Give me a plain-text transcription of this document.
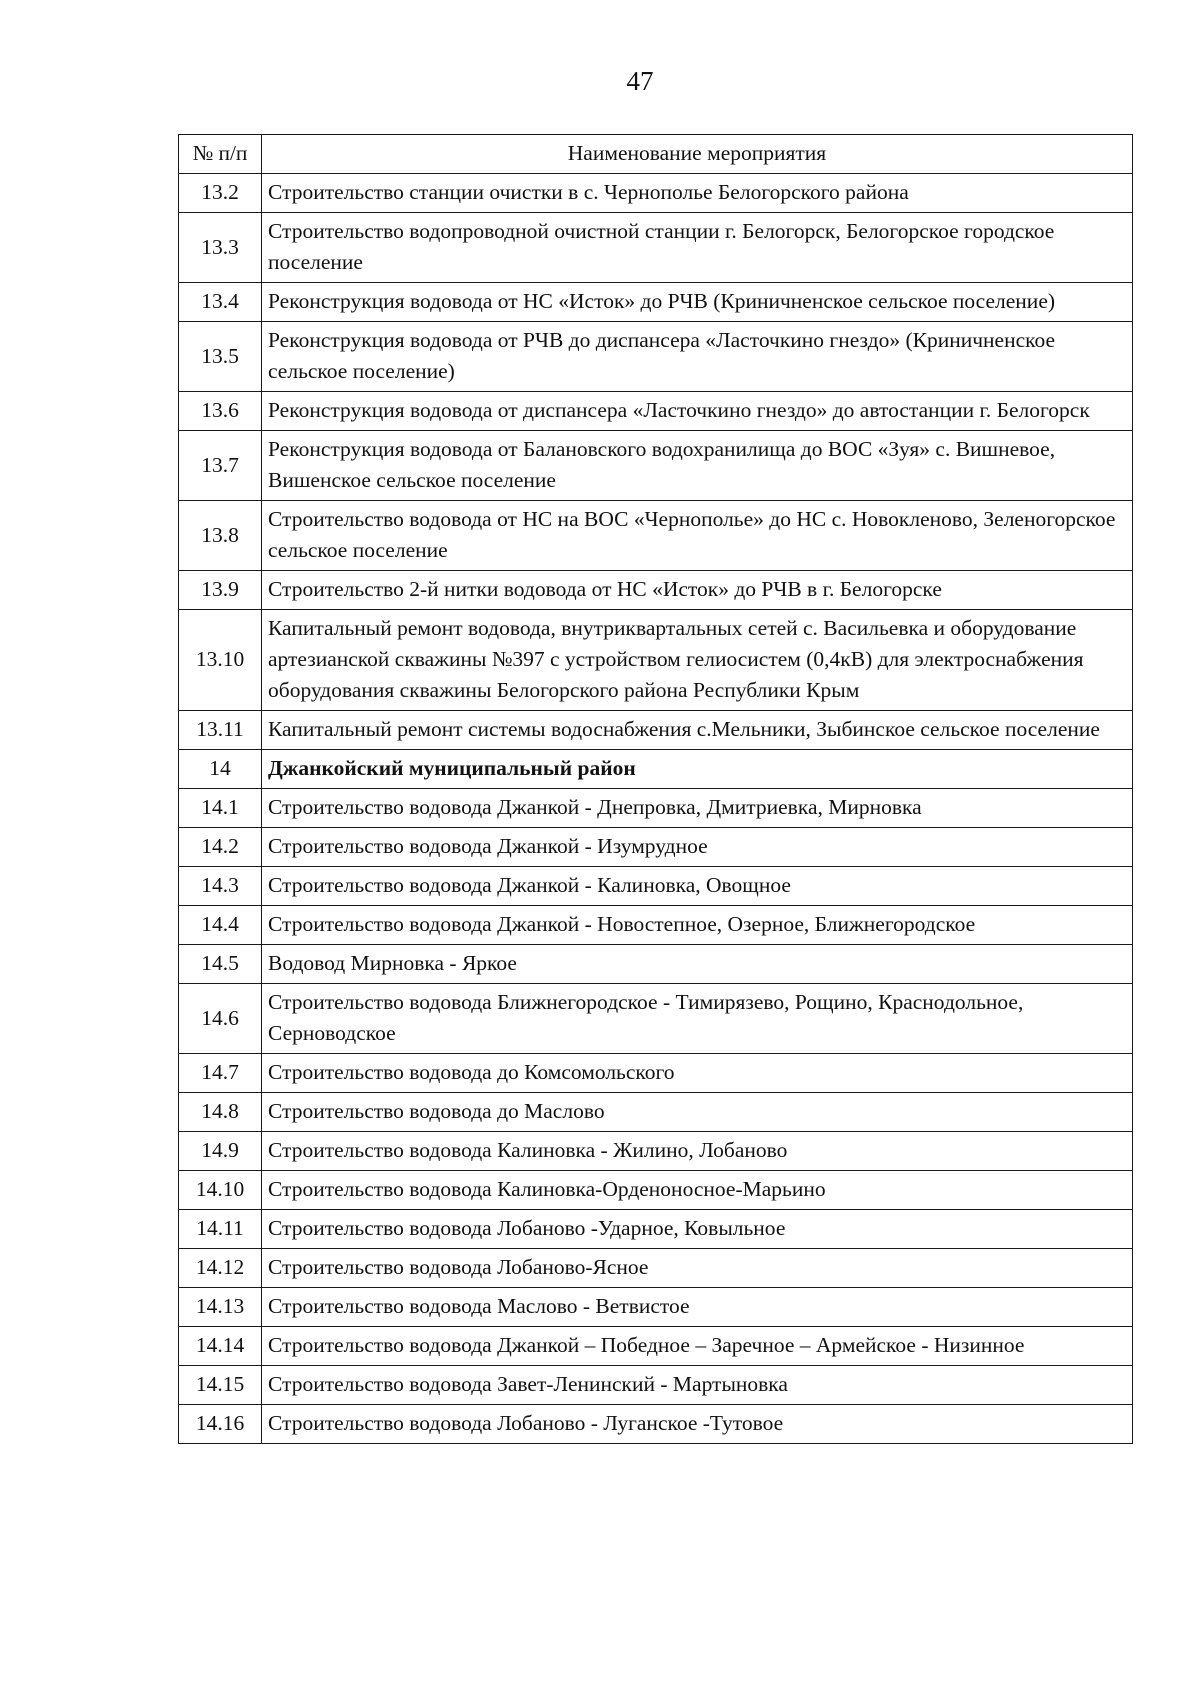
47
№ п/п	Наименование мероприятия
13.2	Строительство станции очистки в с. Чернополье Белогорского района
13.3	Строительство водопроводной очистной станции г. Белогорск, Белогорское городское поселение
13.4	Реконструкция водовода от НС «Исток» до РЧВ (Криничненское сельское поселение)
13.5	Реконструкция водовода от РЧВ до диспансера «Ласточкино гнездо» (Криничненское сельское поселение)
13.6	Реконструкция водовода от диспансера «Ласточкино гнездо» до автостанции г. Белогорск
13.7	Реконструкция водовода от Балановского водохранилища до ВОС «Зуя» с. Вишневое, Вишенское сельское поселение
13.8	Строительство водовода от НС на ВОС «Чернополье» до НС с. Новокленово, Зеленогорское сельское поселение
13.9	Строительство 2-й нитки водовода от НС «Исток» до РЧВ в г. Белогорске
13.10	Капитальный ремонт водовода, внутриквартальных сетей с. Васильевка и оборудование артезианской скважины №397 с устройством гелиосистем (0,4кВ) для электроснабжения оборудования скважины Белогорского района Республики Крым
13.11	Капитальный ремонт системы водоснабжения с.Мельники, Зыбинское сельское поселение
14	Джанкойский муниципальный район
14.1	Строительство водовода Джанкой - Днепровка, Дмитриевка, Мирновка
14.2	Строительство водовода Джанкой - Изумрудное
14.3	Строительство водовода Джанкой - Калиновка, Овощное
14.4	Строительство водовода Джанкой - Новостепное, Озерное, Ближнегородское
14.5	Водовод Мирновка - Яркое
14.6	Строительство водовода Ближнегородское - Тимирязево, Рощино, Краснодольное, Серноводское
14.7	Строительство водовода до Комсомольского
14.8	Строительство водовода до Маслово
14.9	Строительство водовода Калиновка - Жилино, Лобаново
14.10	Строительство водовода Калиновка-Орденоносное-Марьино
14.11	Строительство водовода Лобаново -Ударное, Ковыльное
14.12	Строительство водовода Лобаново-Ясное
14.13	Строительство водовода Маслово - Ветвистое
14.14	Строительство водовода Джанкой – Победное – Заречное – Армейское - Низинное
14.15	Строительство водовода Завет-Ленинский - Мартыновка
14.16	Строительство водовода Лобаново - Луганское -Тутовое
